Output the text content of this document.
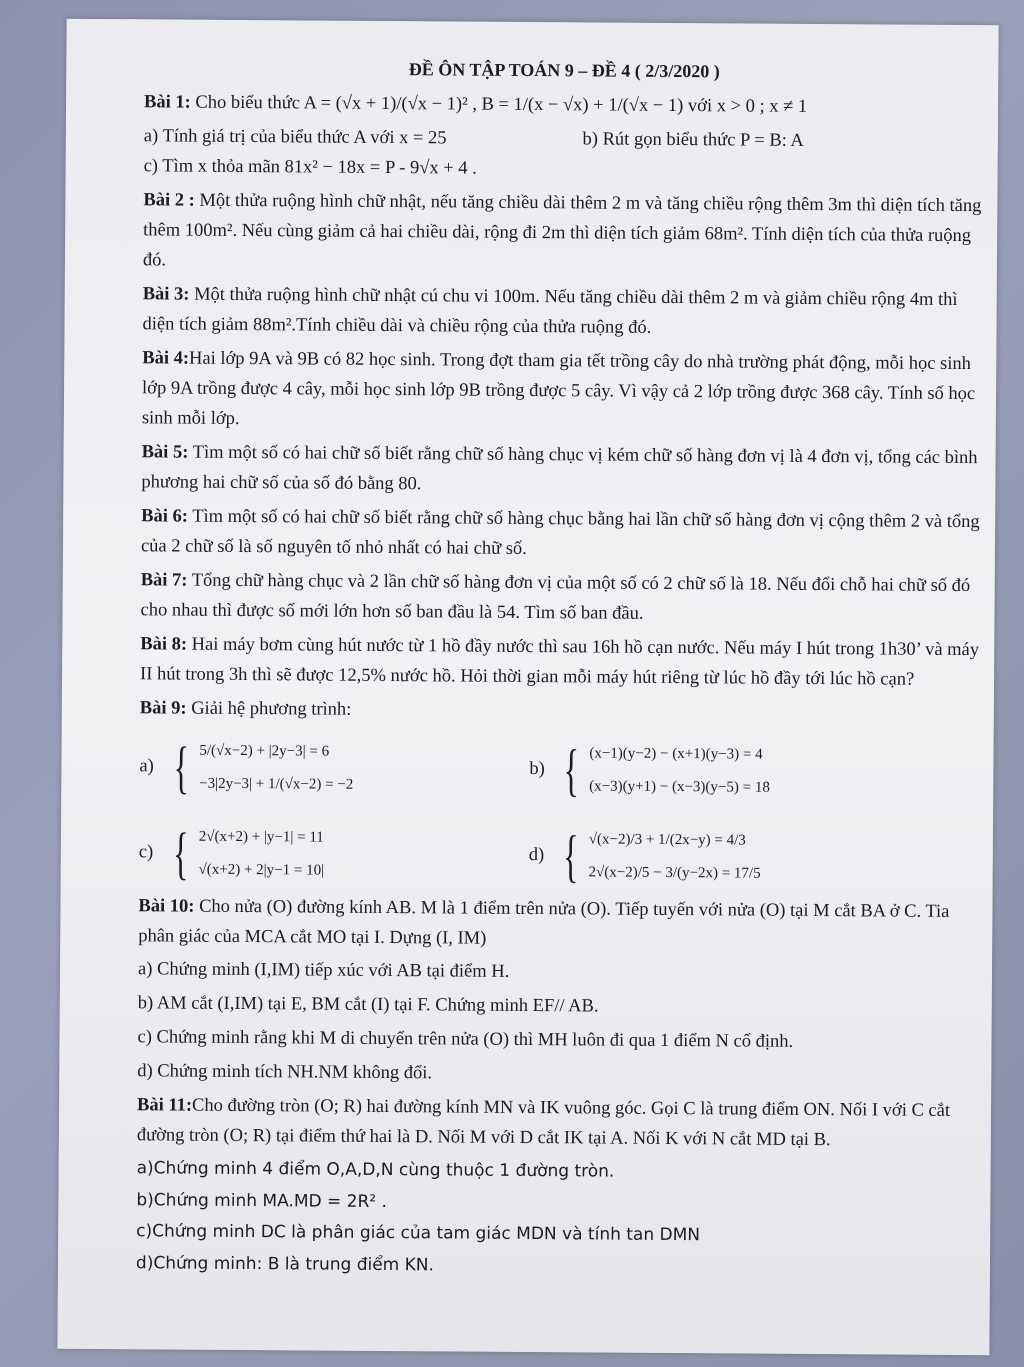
ĐỀ ÔN TẬP TOÁN 9 – ĐỀ 4 ( 2/3/2020 )

Bài 1: Cho biểu thức A = (√x + 1)/(√x − 1)² , B = 1/(x − √x) + 1/(√x − 1) với x > 0 ; x ≠ 1

a) Tính giá trị của biểu thức A với x = 25	b) Rút gọn biểu thức P = B: A

c) Tìm x thỏa mãn 81x² − 18x = P - 9√x + 4 .

Bài 2 : Một thửa ruộng hình chữ nhật, nếu tăng chiều dài thêm 2 m và tăng chiều rộng thêm 3m thì diện tích tăng thêm 100m². Nếu cùng giảm cả hai chiều dài, rộng đi 2m thì diện tích giảm 68m². Tính diện tích của thửa ruộng đó.

Bài 3: Một thửa ruộng hình chữ nhật cú chu vi 100m. Nếu tăng chiều dài thêm 2 m và giảm chiều rộng 4m thì diện tích giảm 88m².Tính chiều dài và chiều rộng của thửa ruộng đó.

Bài 4:Hai lớp 9A và 9B có 82 học sinh. Trong đợt tham gia tết trồng cây do nhà trường phát động, mỗi học sinh lớp 9A trồng được 4 cây, mỗi học sinh lớp 9B trồng được 5 cây. Vì vậy cả 2 lớp trồng được 368 cây. Tính số học sinh mỗi lớp.

Bài 5: Tìm một số có hai chữ số biết rằng chữ số hàng chục vị kém chữ số hàng đơn vị là 4 đơn vị, tổng các bình phương hai chữ số của số đó bằng 80.

Bài 6: Tìm một số có hai chữ số biết rằng chữ số hàng chục bằng hai lần chữ số hàng đơn vị cộng thêm 2 và tổng của 2 chữ số là số nguyên tố nhỏ nhất có hai chữ số.

Bài 7: Tổng chữ hàng chục và 2 lần chữ số hàng đơn vị của một số có 2 chữ số là 18. Nếu đổi chỗ hai chữ số đó cho nhau thì được số mới lớn hơn số ban đầu là 54. Tìm số ban đầu.

Bài 8: Hai máy bơm cùng hút nước từ 1 hồ đầy nước thì sau 16h hồ cạn nước. Nếu máy I hút trong 1h30’ và máy II hút trong 3h thì sẽ được 12,5% nước hồ. Hỏi thời gian mỗi máy hút riêng từ lúc hồ đầy tới lúc hồ cạn?

Bài 9: Giải hệ phương trình:

a) { 5/(√x−2) + |2y−3| = 6
−3|2y−3| + 1/(√x−2) = −2
b) { (x−1)(y−2) − (x+1)(y−3) = 4
(x−3)(y+1) − (x−3)(y−5) = 18
c) { 2√(x+2) + |y−1| = 11
√(x+2) + 2|y−1 = 10|
d) { √(x−2)/3 + 1/(2x−y) = 4/3
2√(x−2)/5 − 3/(y−2x) = 17/5

Bài 10: Cho nửa (O) đường kính AB. M là 1 điểm trên nửa (O). Tiếp tuyến với nửa (O) tại M cắt BA ở C. Tia phân giác của MCA cắt MO tại I. Dựng (I, IM)

a) Chứng minh (I,IM) tiếp xúc với AB tại điểm H.

b) AM cắt (I,IM) tại E, BM cắt (I) tại F. Chứng minh EF// AB.

c) Chứng minh rằng khi M di chuyển trên nửa (O) thì MH luôn đi qua 1 điểm N cố định.

d) Chứng minh tích NH.NM không đổi.

Bài 11:Cho đường tròn (O; R) hai đường kính MN và IK vuông góc. Gọi C là trung điểm ON. Nối I với C cắt đường tròn (O; R) tại điểm thứ hai là D. Nối M với D cắt IK tại A. Nối K với N cắt MD tại B.

a)Chứng minh 4 điểm O,A,D,N cùng thuộc 1 đường tròn.

b)Chứng minh MA.MD = 2R² .

c)Chứng minh DC là phân giác của tam giác MDN và tính tan DMN

d)Chứng minh: B là trung điểm KN.
